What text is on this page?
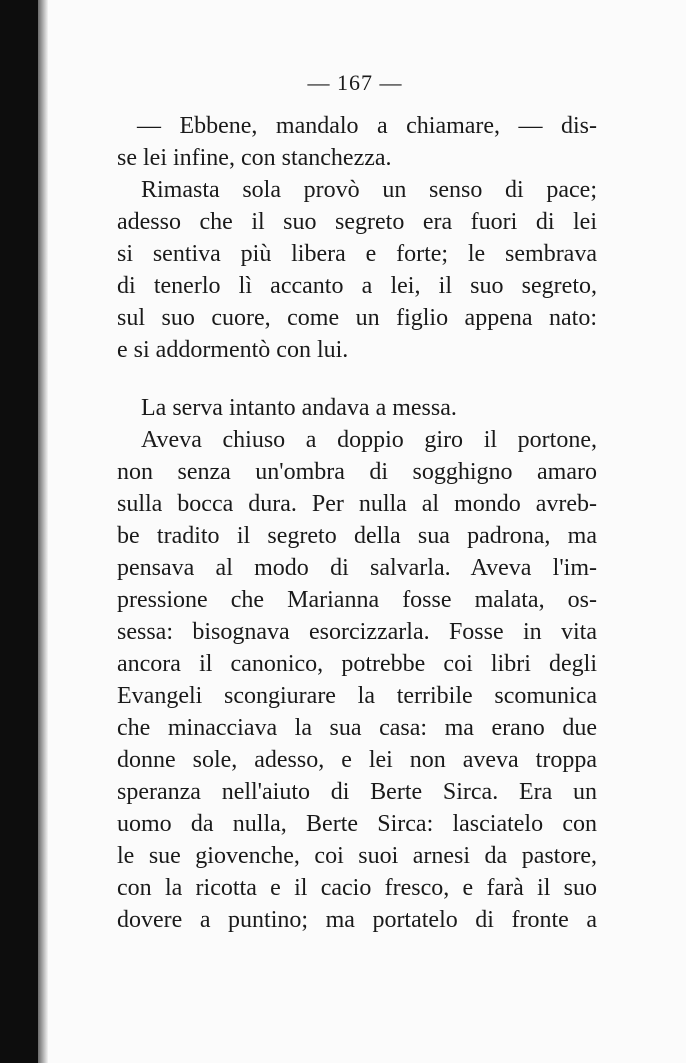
— 167 —
— Ebbene, mandalo a chiamare, — dis-
se lei infine, con stanchezza.
Rimasta sola provò un senso di pace;
adesso che il suo segreto era fuori di lei
si sentiva più libera e forte; le sembrava
di tenerlo lì accanto a lei, il suo segreto,
sul suo cuore, come un figlio appena nato:
e si addormentò con lui.
La serva intanto andava a messa.
Aveva chiuso a doppio giro il portone,
non senza un'ombra di sogghigno amaro
sulla bocca dura. Per nulla al mondo avreb-
be tradito il segreto della sua padrona, ma
pensava al modo di salvarla. Aveva l'im-
pressione che Marianna fosse malata, os-
sessa: bisognava esorcizzarla. Fosse in vita
ancora il canonico, potrebbe coi libri degli
Evangeli scongiurare la terribile scomunica
che minacciava la sua casa: ma erano due
donne sole, adesso, e lei non aveva troppa
speranza nell'aiuto di Berte Sirca. Era un
uomo da nulla, Berte Sirca: lasciatelo con
le sue giovenche, coi suoi arnesi da pastore,
con la ricotta e il cacio fresco, e farà il suo
dovere a puntino; ma portatelo di fronte a
